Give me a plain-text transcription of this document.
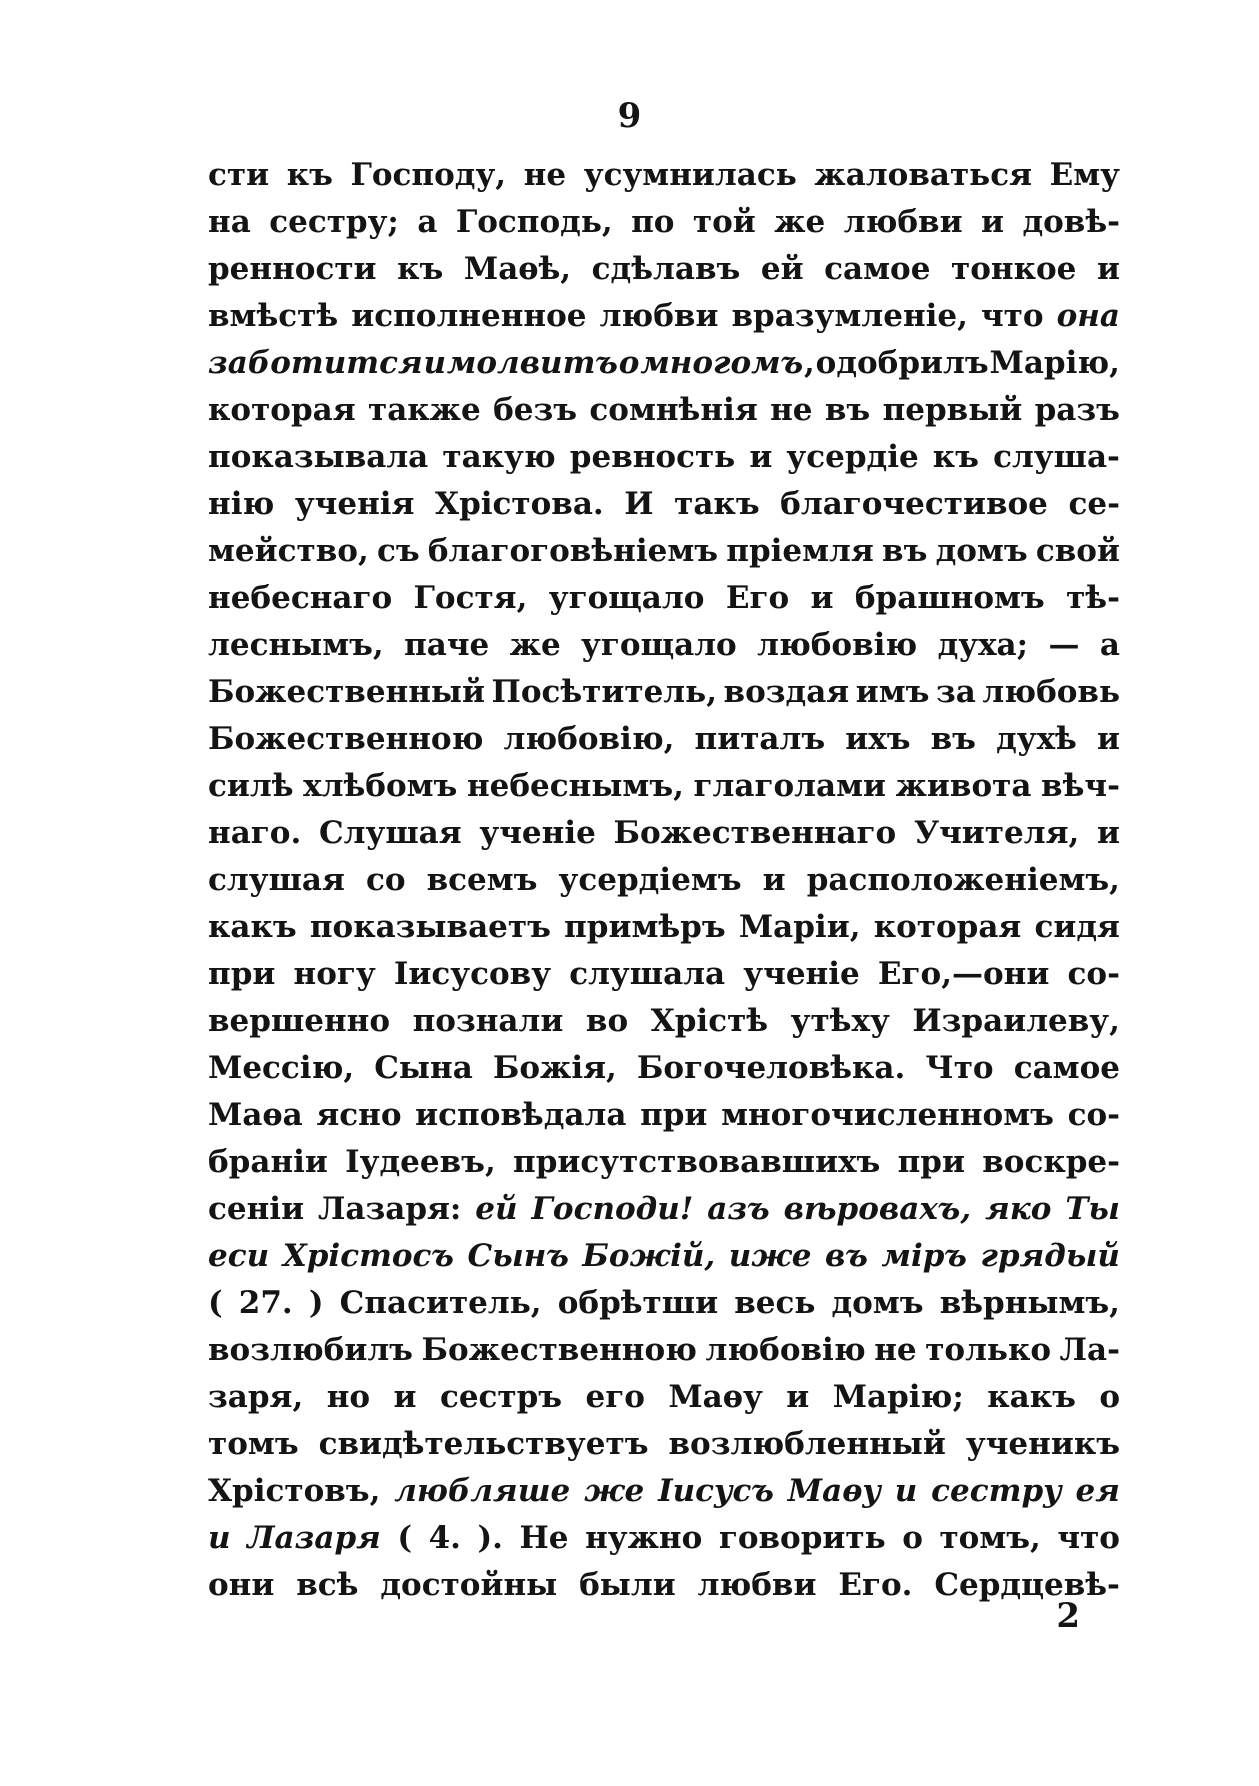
9
сти къ Господу, не усумнилась жаловаться Ему
на сестру; а Господь, по той же любви и довѣ-
ренности къ Маѳѣ, сдѣлавъ ей самое тонкое и
вмѣстѣ исполненное любви вразумленіе, что она
заботится и молвитъ о многомъ , одобрилъ Марію,
которая также безъ сомнѣнія не въ первый разъ
показывала такую ревность и усердіе къ слуша-
нію ученія Хрістова. И такъ благочестивое се-
мейство, съ благоговѣніемъ пріемля въ домъ свой
небеснаго Гостя, угощало Его и брашномъ тѣ-
леснымъ, паче же угощало любовію духа; — а
Божественный Посѣтитель, воздая имъ за любовь
Божественною любовію, питалъ ихъ въ духѣ и
силѣ хлѣбомъ небеснымъ, глаголами живота вѣч-
наго. Слушая ученіе Божественнаго Учителя, и
слушая со всемъ усердіемъ и расположеніемъ,
какъ показываетъ примѣръ Маріи, которая сидя
при ногу Іисусову слушала ученіе Его,—они со-
вершенно познали во Хрістѣ утѣху Израилеву,
Мессію, Сына Божія, Богочеловѣка. Что самое
Маѳа ясно исповѣдала при многочисленномъ со-
браніи Іудеевъ, присутствовавшихъ при воскре-
сеніи Лазаря: ей Господи! азъ вѣровахъ, яко Ты
еси Хрістосъ Сынъ Божій, иже въ міръ грядый
( 27. ) Спаситель, обрѣтши весь домъ вѣрнымъ,
возлюбилъ Божественною любовію не только Ла-
заря, но и сестръ его Маѳу и Марію; какъ о
томъ свидѣтельствуетъ возлюбленный ученикъ
Хрістовъ, любляше же Іисусъ Маѳу и сестру ея
и Лазаря ( 4. ). Не нужно говорить о томъ, что
они всѣ достойны были любви Его. Сердцевѣ-
2
